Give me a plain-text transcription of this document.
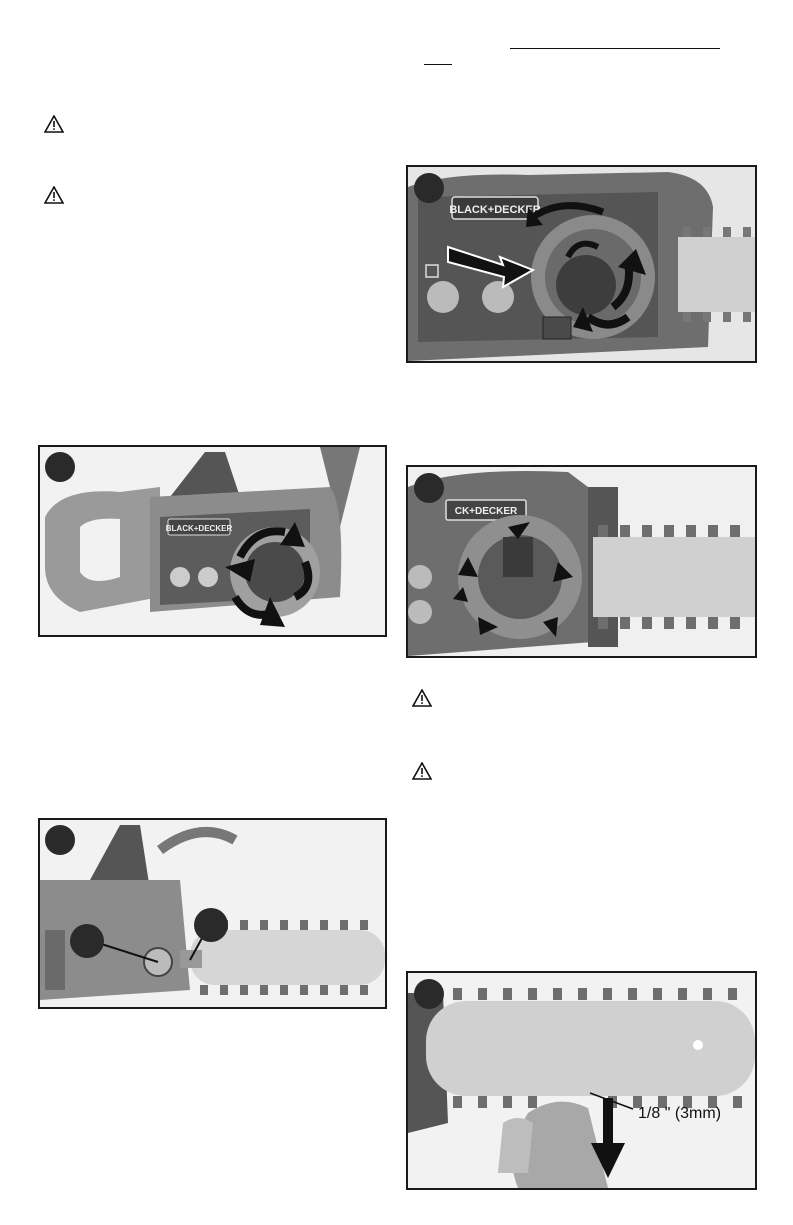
BLACK+DECKER
BLACK+DECKER
CK+DECKER
1/8 " (3mm)
